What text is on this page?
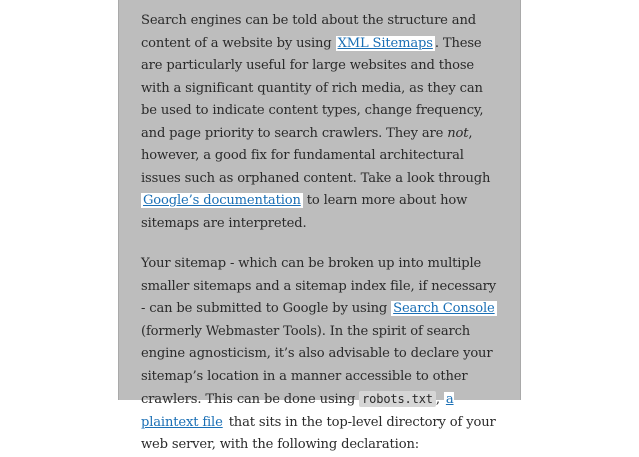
Search engines can be told about the structure and content of a website by using XML Sitemaps . These are particularly useful for large websites and those with a significant quantity of rich media, as they can be used to indicate content types, change frequency, and page priority to search crawlers. They are not, however, a good fix for fundamental architectural issues such as orphaned content. Take a look through Google’s documentation to learn more about how sitemaps are interpreted.

Your sitemap - which can be broken up into multiple smaller sitemaps and a sitemap index file, if necessary - can be submitted to Google by using Search Console (formerly Webmaster Tools). In the spirit of search engine agnosticism, it’s also advisable to declare your sitemap’s location in a manner accessible to other crawlers. This can be done using robots.txt , a plaintext file that sits in the top-level directory of your web server, with the following declaration:
